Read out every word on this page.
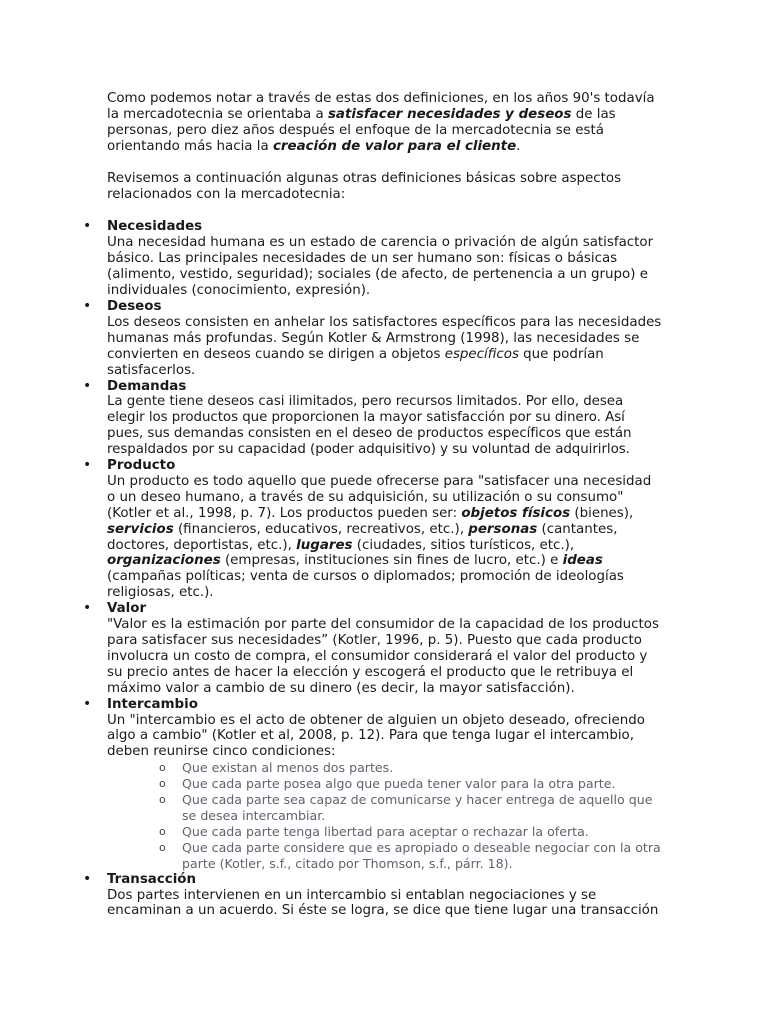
Como podemos notar a través de estas dos definiciones, en los años 90's todavía la mercadotecnia se orientaba a satisfacer necesidades y deseos de las personas, pero diez años después el enfoque de la mercadotecnia se está orientando más hacia la creación de valor para el cliente.

Revisemos a continuación algunas otras definiciones básicas sobre aspectos relacionados con la mercadotecnia:

• Necesidades
Una necesidad humana es un estado de carencia o privación de algún satisfactor básico. Las principales necesidades de un ser humano son: físicas o básicas (alimento, vestido, seguridad); sociales (de afecto, de pertenencia a un grupo) e individuales (conocimiento, expresión).
• Deseos
Los deseos consisten en anhelar los satisfactores específicos para las necesidades humanas más profundas. Según Kotler & Armstrong (1998), las necesidades se convierten en deseos cuando se dirigen a objetos específicos que podrían satisfacerlos.
• Demandas
La gente tiene deseos casi ilimitados, pero recursos limitados. Por ello, desea elegir los productos que proporcionen la mayor satisfacción por su dinero. Así pues, sus demandas consisten en el deseo de productos específicos que están respaldados por su capacidad (poder adquisitivo) y su voluntad de adquirirlos.
• Producto
Un producto es todo aquello que puede ofrecerse para "satisfacer una necesidad o un deseo humano, a través de su adquisición, su utilización o su consumo" (Kotler et al., 1998, p. 7). Los productos pueden ser: objetos físicos (bienes), servicios (financieros, educativos, recreativos, etc.), personas (cantantes, doctores, deportistas, etc.), lugares (ciudades, sitios turísticos, etc.), organizaciones (empresas, instituciones sin fines de lucro, etc.) e ideas (campañas políticas; venta de cursos o diplomados; promoción de ideologías religiosas, etc.).
• Valor
"Valor es la estimación por parte del consumidor de la capacidad de los productos para satisfacer sus necesidades” (Kotler, 1996, p. 5). Puesto que cada producto involucra un costo de compra, el consumidor considerará el valor del producto y su precio antes de hacer la elección y escogerá el producto que le retribuya el máximo valor a cambio de su dinero (es decir, la mayor satisfacción).
• Intercambio
Un "intercambio es el acto de obtener de alguien un objeto deseado, ofreciendo algo a cambio" (Kotler et al, 2008, p. 12). Para que tenga lugar el intercambio, deben reunirse cinco condiciones:
o Que existan al menos dos partes.
o Que cada parte posea algo que pueda tener valor para la otra parte.
o Que cada parte sea capaz de comunicarse y hacer entrega de aquello que se desea intercambiar.
o Que cada parte tenga libertad para aceptar o rechazar la oferta.
o Que cada parte considere que es apropiado o deseable negociar con la otra parte (Kotler, s.f., citado por Thomson, s.f., párr. 18).
• Transacción
Dos partes intervienen en un intercambio si entablan negociaciones y se encaminan a un acuerdo. Si éste se logra, se dice que tiene lugar una transacción
